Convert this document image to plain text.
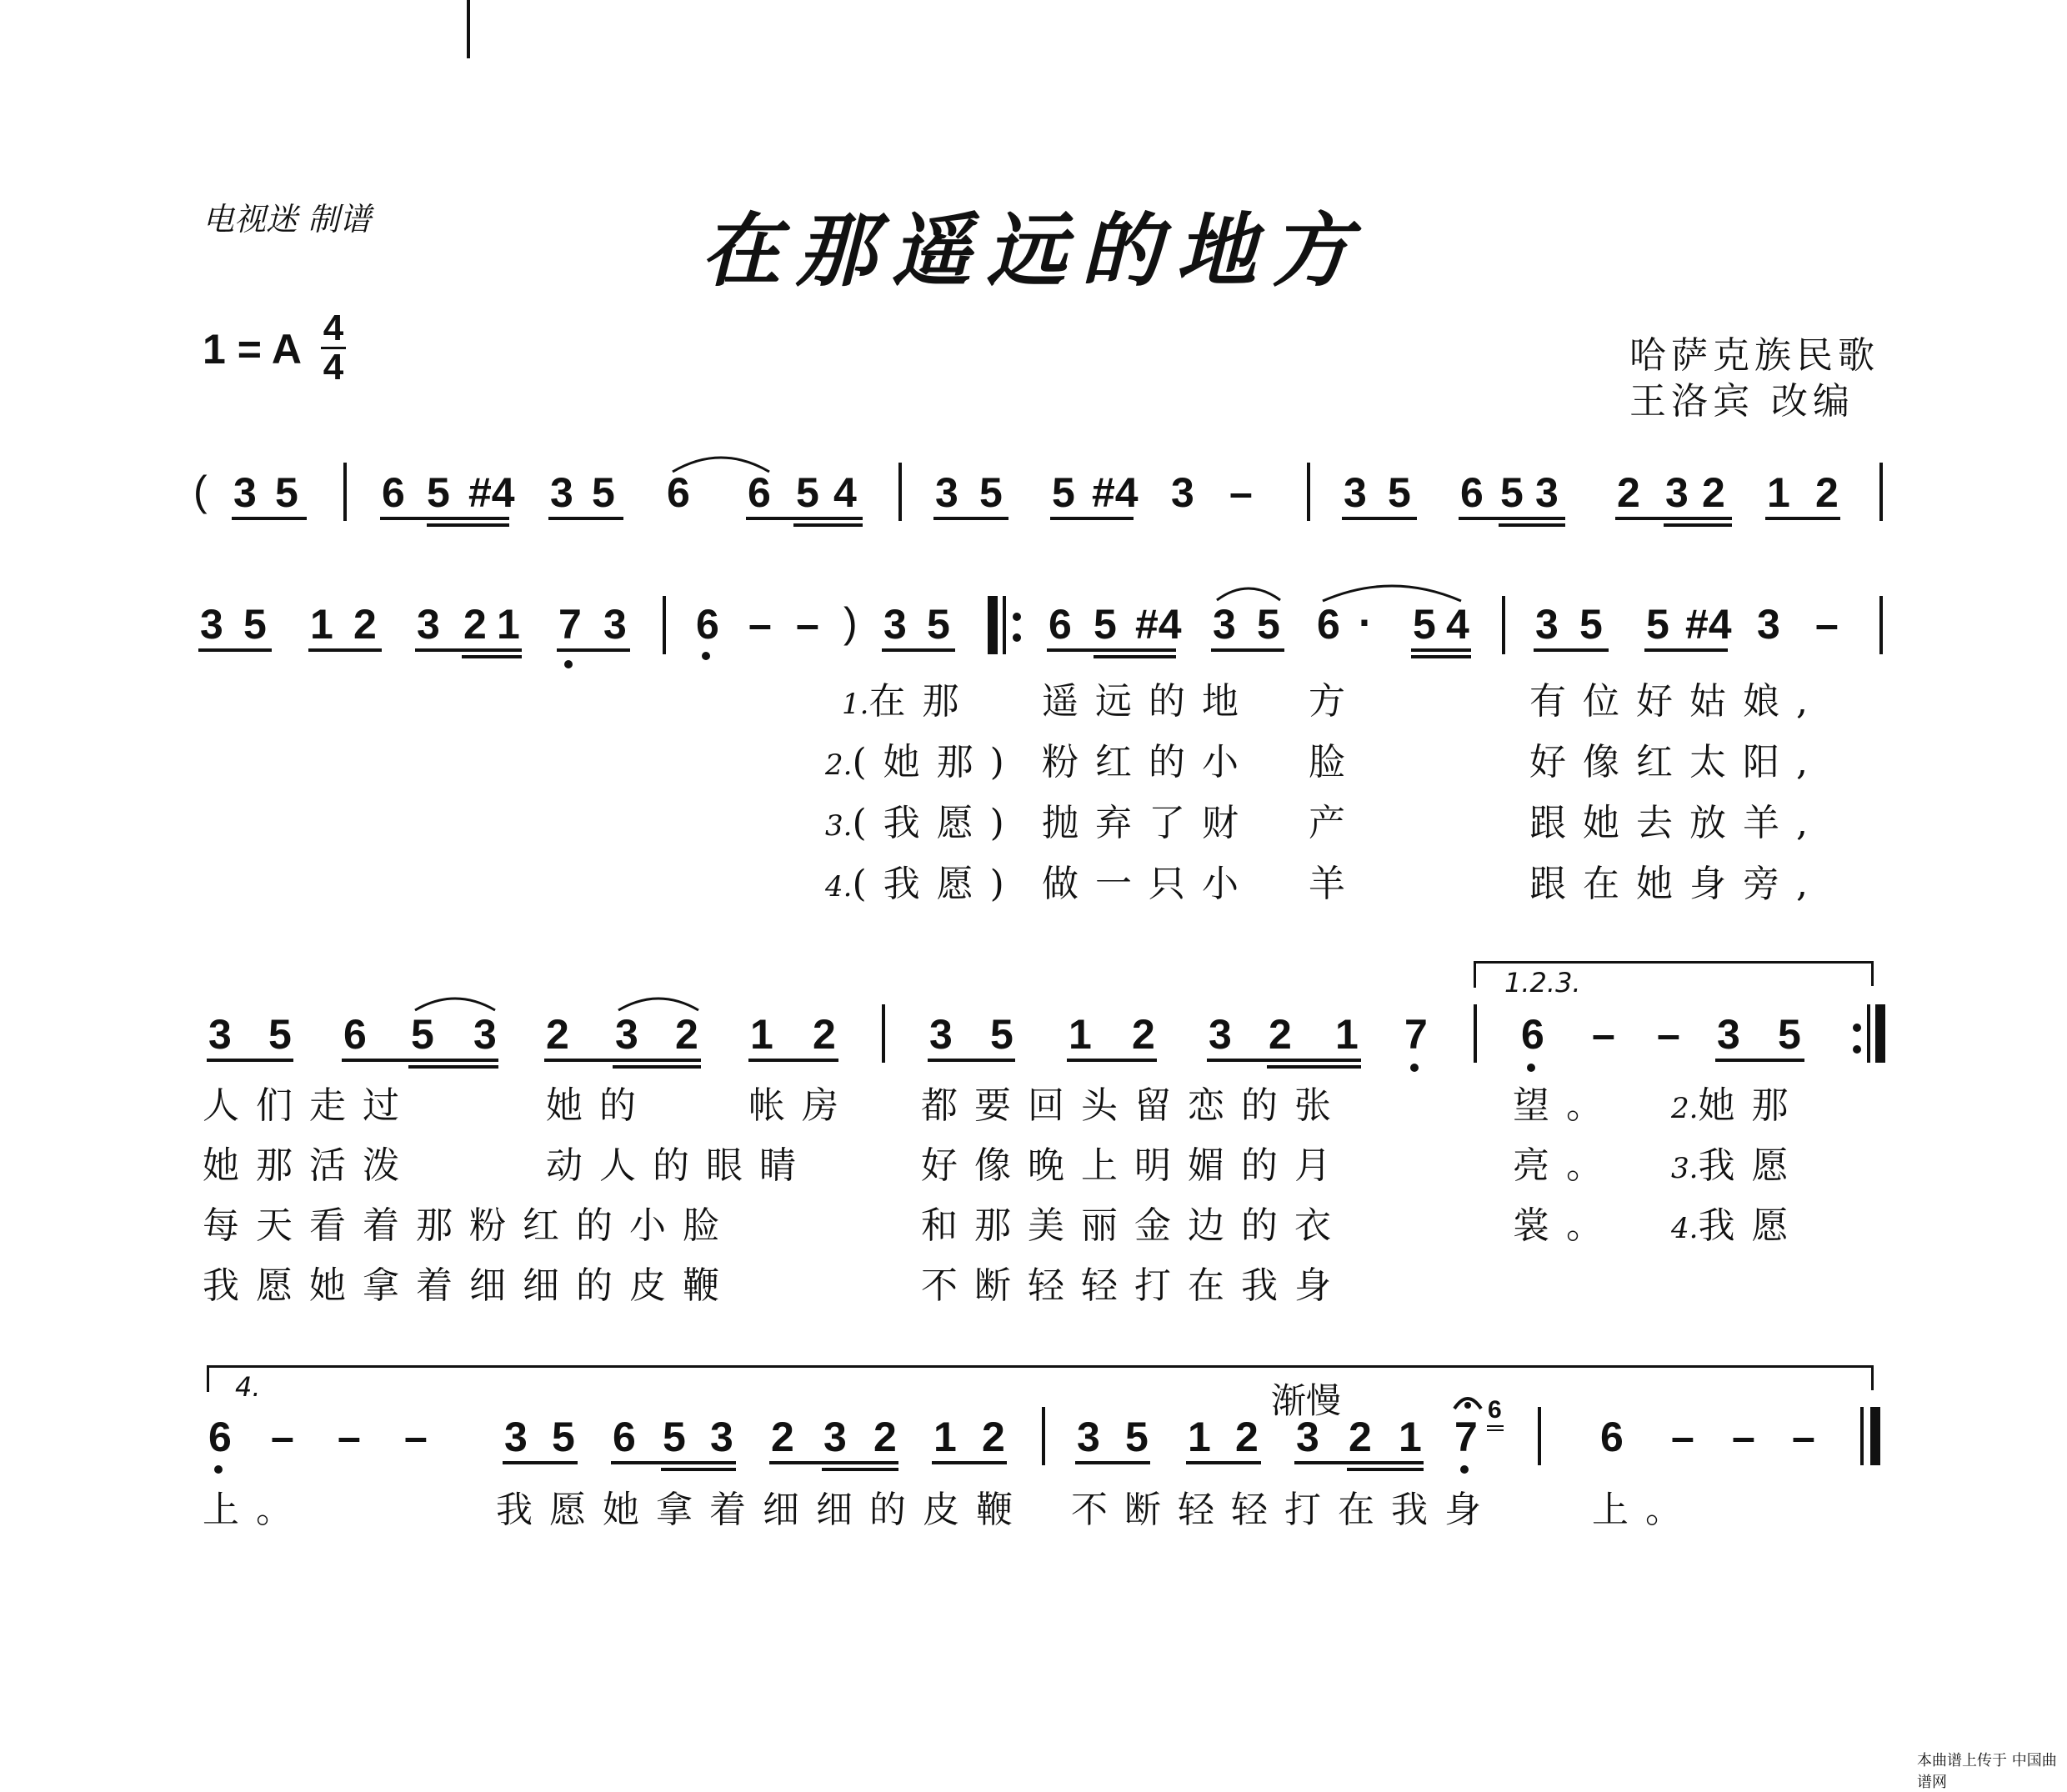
电视迷 制谱	在那遥远的地方
哈萨克族民歌
王洛宾 改编
1 = A 4
4
( 3 5 6 5 #4 3 5 6 6 5 4 3 5 5 #4 3 – 3 5 6 5 3 2 3 2 1 2
3 5 1 2 3 2 1 7 3 6 – – ) 3 5 6 5 #4 3 5 6 · 5 4 3 5 5 #4 3 –
1.在那 遥远的地 方	有位好姑娘,
2.(她那) 粉红的小 脸	好像红太阳,
3.(我愿) 抛弃了财 产	跟她去放羊,
4.(我愿) 做一只小 羊	跟在她身旁,
1.2.3.
3 5 6 5 3 2 3 2 1 2 3 5 1 2 3 2 1 7 6 – – 3 5
人们走过	她的	帐房 都要回头留恋的张	望。 2.她那
她那活泼	动人的眼睛	好像晚上明媚的月	亮。 3.我愿
每天看着那粉红的小脸	和那美丽金边的衣	裳。 4.我愿
我愿她拿着细细的皮鞭	不断轻轻打在我身
4.	渐慢
6 – – – 3 5 6 5 3 2 3 2 1 2 3 5 1 2 3 2 1 7
6
6 – – –
上。	我愿她拿着细细的皮鞭 不断轻轻打在我身	上。
本曲谱上传于 中国曲谱网
